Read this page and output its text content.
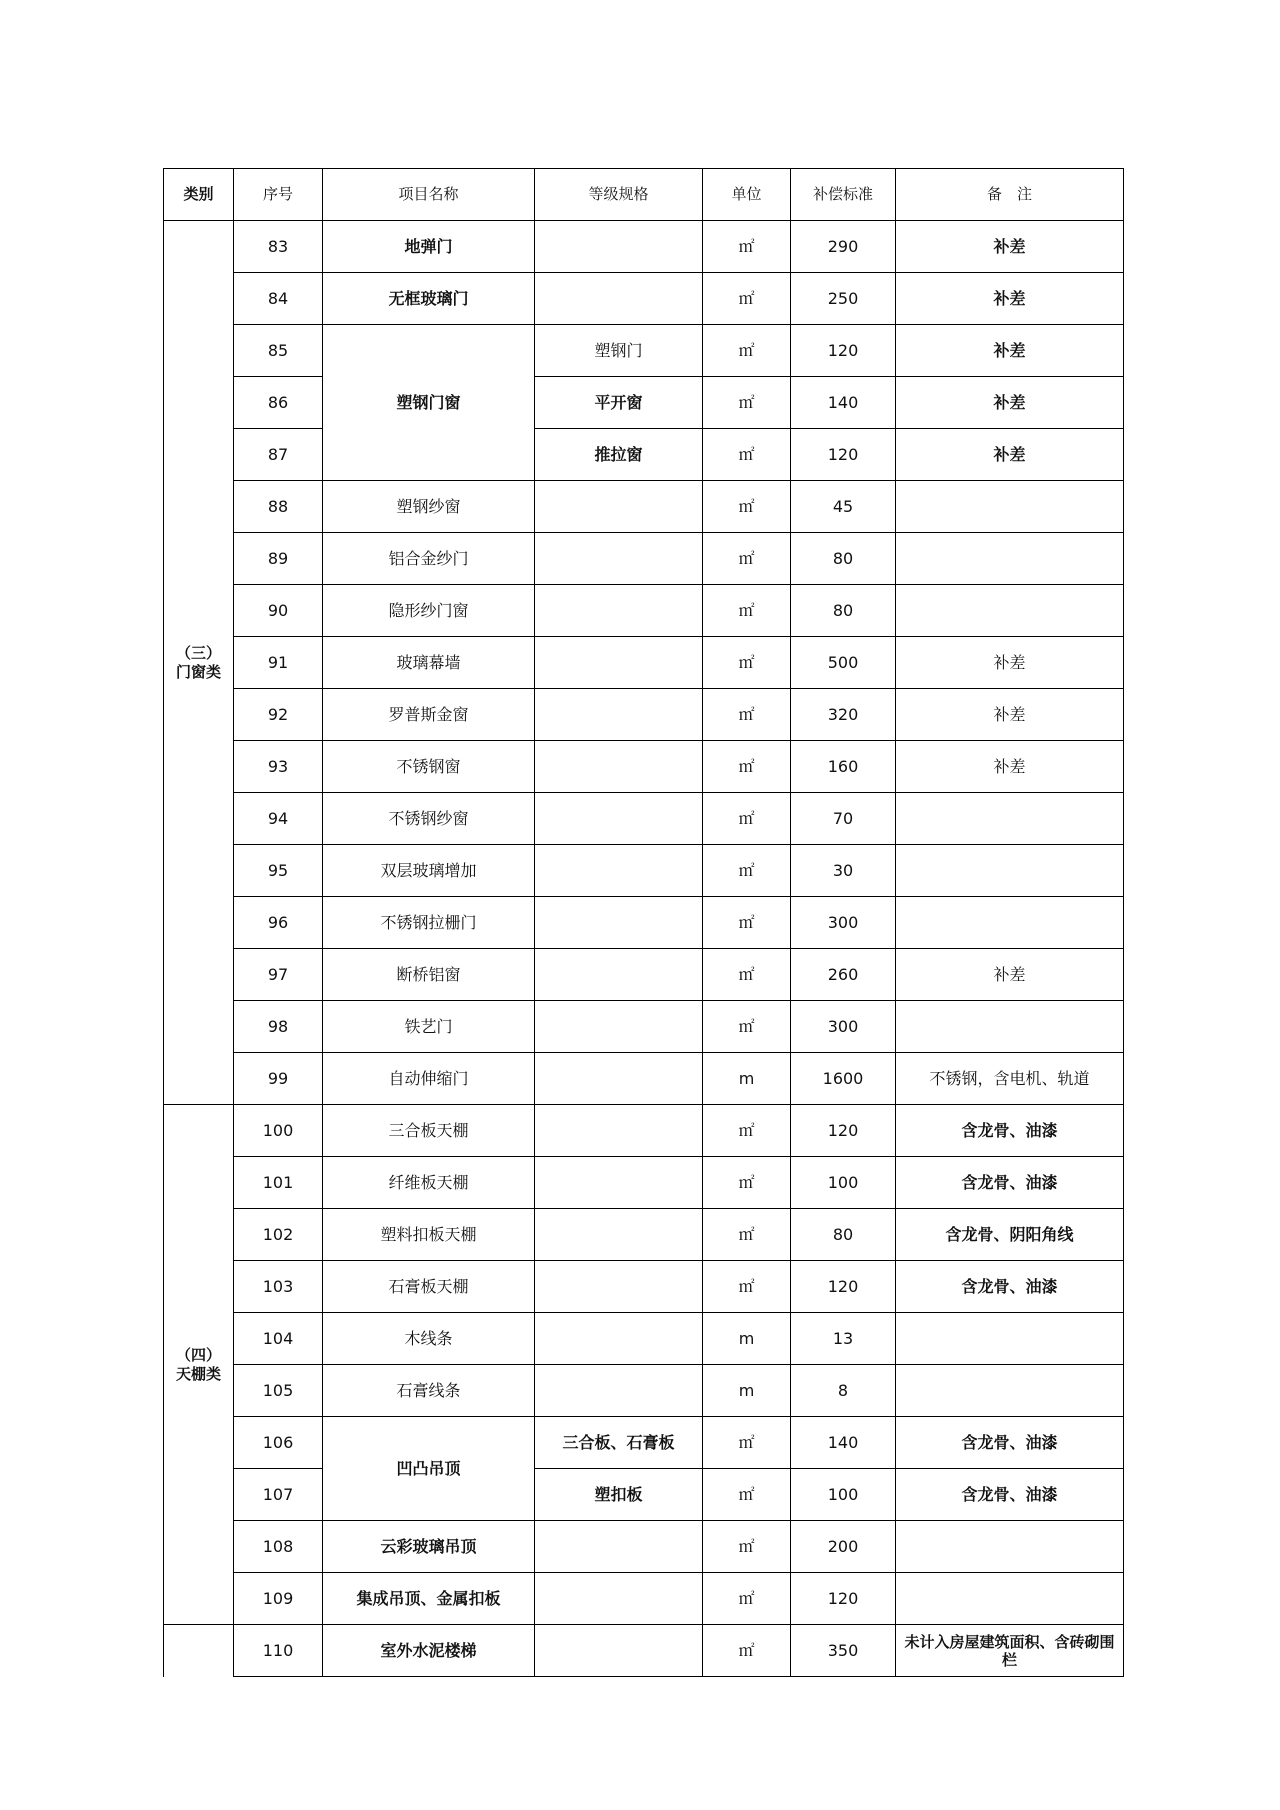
类别	序号	项目名称	等级规格	单位	补偿标准	备　注

（三）
门窗类	83	地弹门		㎡	290	补差
	84	无框玻璃门		㎡	250	补差
	85	塑钢门窗	塑钢门	㎡	120	补差
	86		平开窗	㎡	140	补差
	87		推拉窗	㎡	120	补差
	88	塑钢纱窗		㎡	45	
	89	铝合金纱门		㎡	80	
	90	隐形纱门窗		㎡	80	
	91	玻璃幕墙		㎡	500	补差
	92	罗普斯金窗		㎡	320	补差
	93	不锈钢窗		㎡	160	补差
	94	不锈钢纱窗		㎡	70	
	95	双层玻璃增加		㎡	30	
	96	不锈钢拉栅门		㎡	300	
	97	断桥铝窗		㎡	260	补差
	98	铁艺门		㎡	300	
	99	自动伸缩门		m	1600	不锈钢，含电机、轨道

（四）
天棚类	100	三合板天棚		㎡	120	含龙骨、油漆
	101	纤维板天棚		㎡	100	含龙骨、油漆
	102	塑料扣板天棚		㎡	80	含龙骨、阴阳角线
	103	石膏板天棚		㎡	120	含龙骨、油漆
	104	木线条		m	13	
	105	石膏线条		m	8	
	106	凹凸吊顶	三合板、石膏板	㎡	140	含龙骨、油漆
	107		塑扣板	㎡	100	含龙骨、油漆
	108	云彩玻璃吊顶		㎡	200	
	109	集成吊顶、金属扣板		㎡	120	
	110	室外水泥楼梯		㎡	350	未计入房屋建筑面积、含砖砌围栏
